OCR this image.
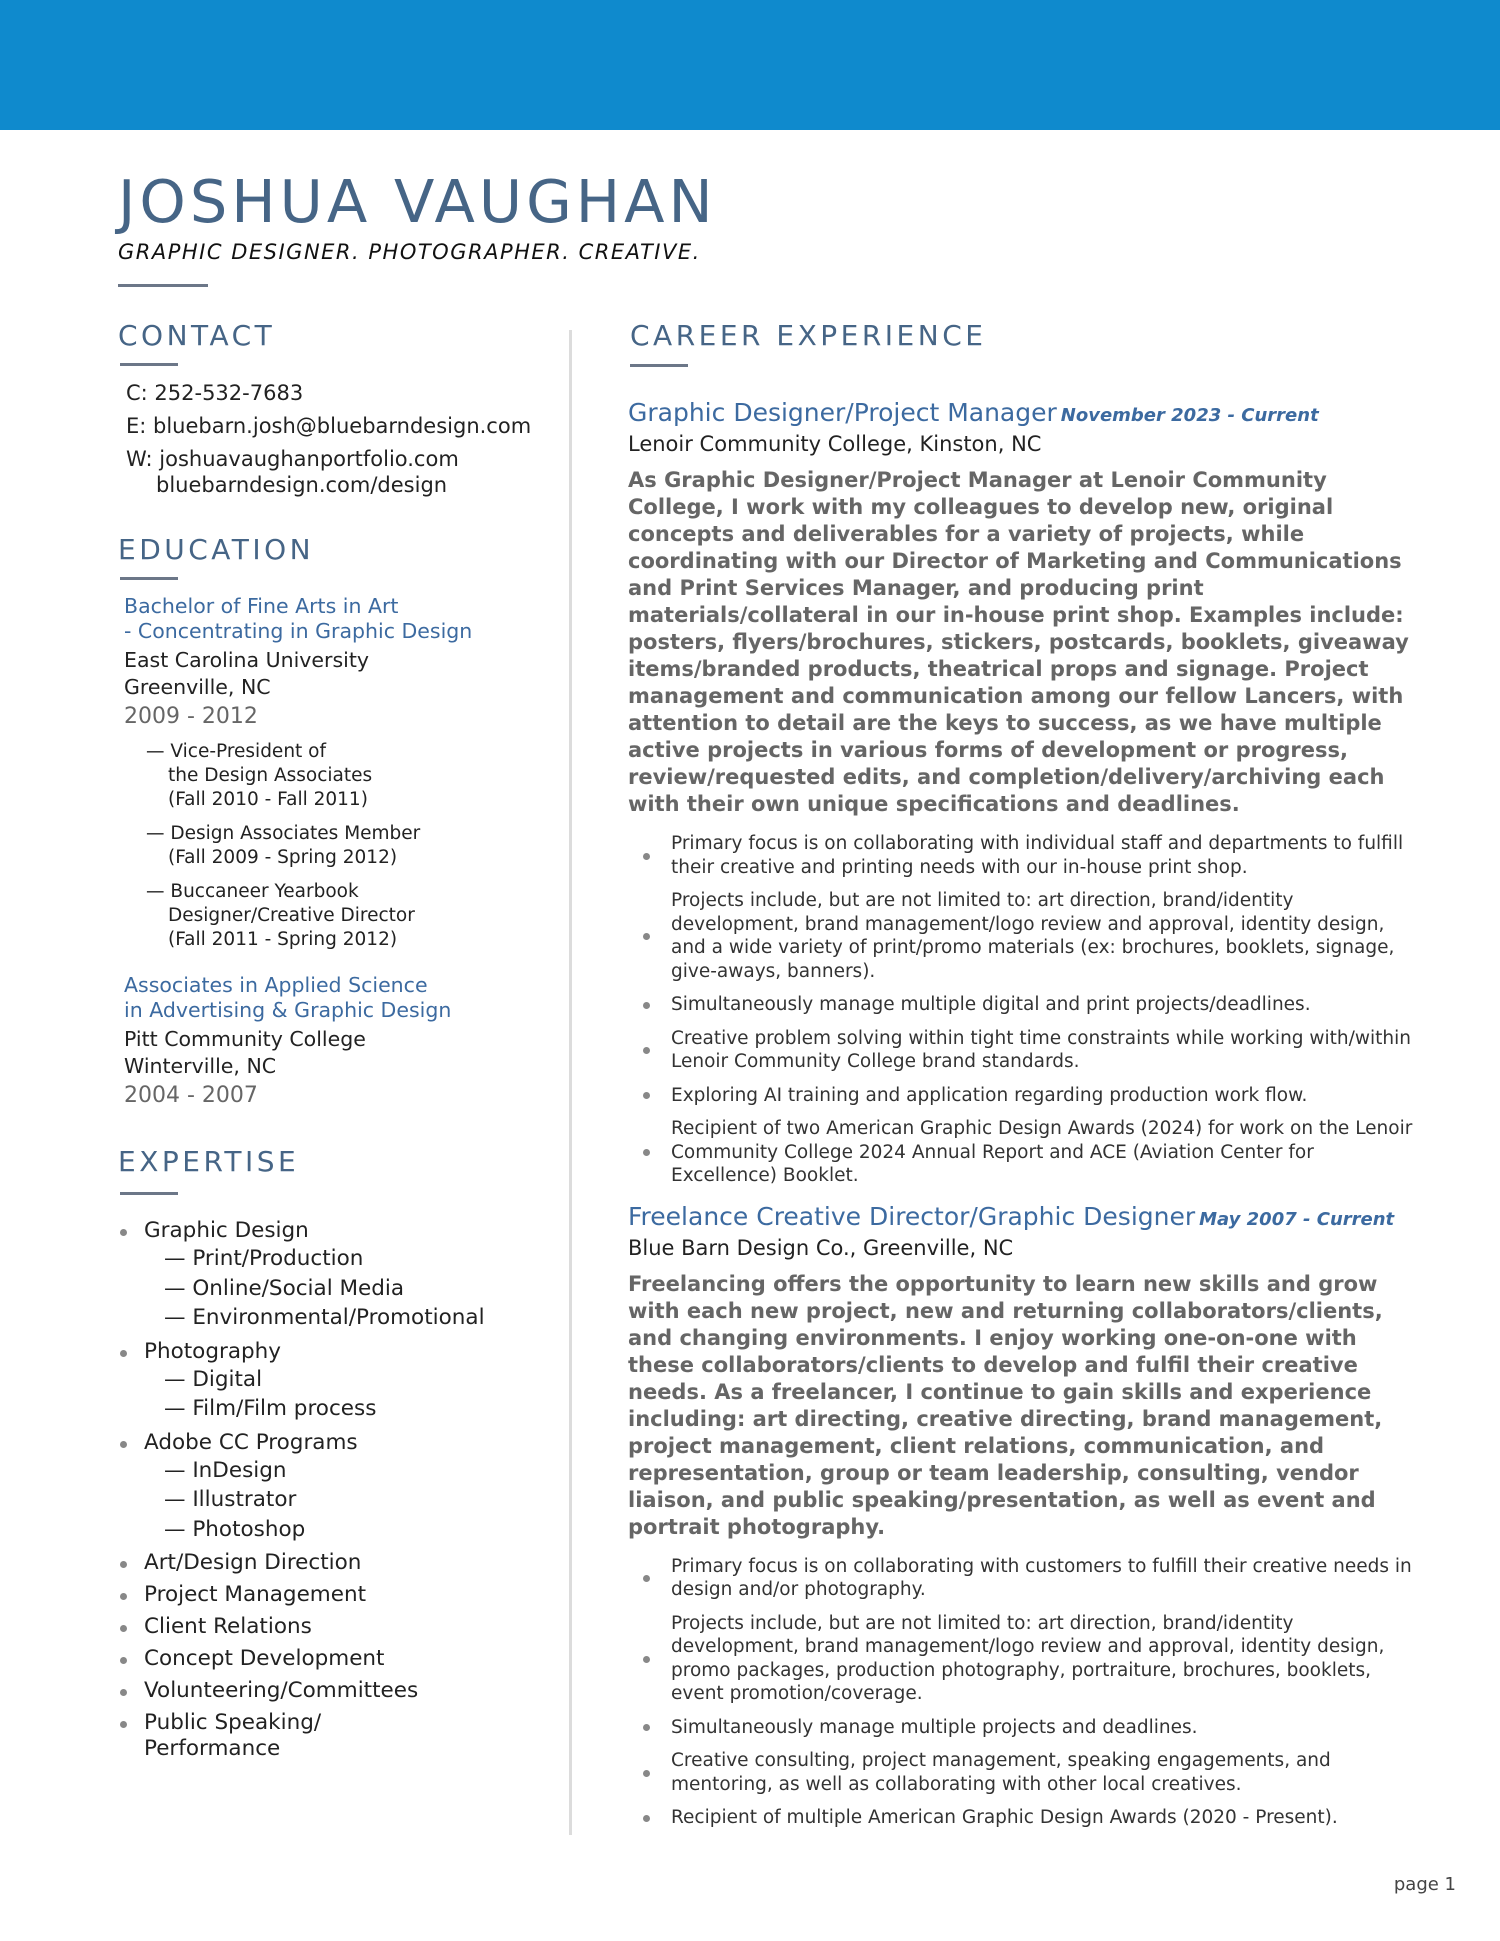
JOSHUA VAUGHAN
GRAPHIC DESIGNER. PHOTOGRAPHER. CREATIVE.
CONTACT
C: 252-532-7683
E: bluebarn.josh@bluebarndesign.com
W: joshuavaughanportfolio.com
bluebarndesign.com/design
EDUCATION
Bachelor of Fine Arts in Art
- Concentrating in Graphic Design
East Carolina University
Greenville, NC
2009 - 2012
— Vice-President of
the Design Associates
(Fall 2010 - Fall 2011)
— Design Associates Member
(Fall 2009 - Spring 2012)
— Buccaneer Yearbook
Designer/Creative Director
(Fall 2011 - Spring 2012)
Associates in Applied Science
in Advertising & Graphic Design
Pitt Community College
Winterville, NC
2004 - 2007
EXPERTISE
Graphic Design
— Print/Production
— Online/Social Media
— Environmental/Promotional
Photography
— Digital
— Film/Film process
Adobe CC Programs
— InDesign
— Illustrator
— Photoshop
Art/Design Direction
Project Management
Client Relations
Concept Development
Volunteering/Committees
Public Speaking/
Performance
CAREER EXPERIENCE
Graphic Designer/Project Manager November 2023 - Current
Lenoir Community College, Kinston, NC
As Graphic Designer/Project Manager at Lenoir Community College, I work with my colleagues to develop new, original concepts and deliverables for a variety of projects, while coordinating with our Director of Marketing and Communications and Print Services Manager, and producing print materials/collateral in our in-house print shop. Examples include: posters, flyers/brochures, stickers, postcards, booklets, giveaway items/branded products, theatrical props and signage. Project management and communication among our fellow Lancers, with attention to detail are the keys to success, as we have multiple active projects in various forms of development or progress, review/requested edits, and completion/delivery/archiving each with their own unique specifications and deadlines.
Primary focus is on collaborating with individual staff and departments to fulfill their creative and printing needs with our in-house print shop.
Projects include, but are not limited to: art direction, brand/identity development, brand management/logo review and approval, identity design, and a wide variety of print/promo materials (ex: brochures, booklets, signage, give-aways, banners).
Simultaneously manage multiple digital and print projects/deadlines.
Creative problem solving within tight time constraints while working with/within Lenoir Community College brand standards.
Exploring AI training and application regarding production work flow.
Recipient of two American Graphic Design Awards (2024) for work on the Lenoir Community College 2024 Annual Report and ACE (Aviation Center for Excellence) Booklet.
Freelance Creative Director/Graphic Designer May 2007 - Current
Blue Barn Design Co., Greenville, NC
Freelancing offers the opportunity to learn new skills and grow with each new project, new and returning collaborators/clients, and changing environments. I enjoy working one-on-one with these collaborators/clients to develop and fulfil their creative needs. As a freelancer, I continue to gain skills and experience including: art directing, creative directing, brand management, project management, client relations, communication, and representation, group or team leadership, consulting, vendor liaison, and public speaking/presentation, as well as event and portrait photography.
Primary focus is on collaborating with customers to fulfill their creative needs in design and/or photography.
Projects include, but are not limited to: art direction, brand/identity development, brand management/logo review and approval, identity design, promo packages, production photography, portraiture, brochures, booklets, event promotion/coverage.
Simultaneously manage multiple projects and deadlines.
Creative consulting, project management, speaking engagements, and mentoring, as well as collaborating with other local creatives.
Recipient of multiple American Graphic Design Awards (2020 - Present).
page 1
